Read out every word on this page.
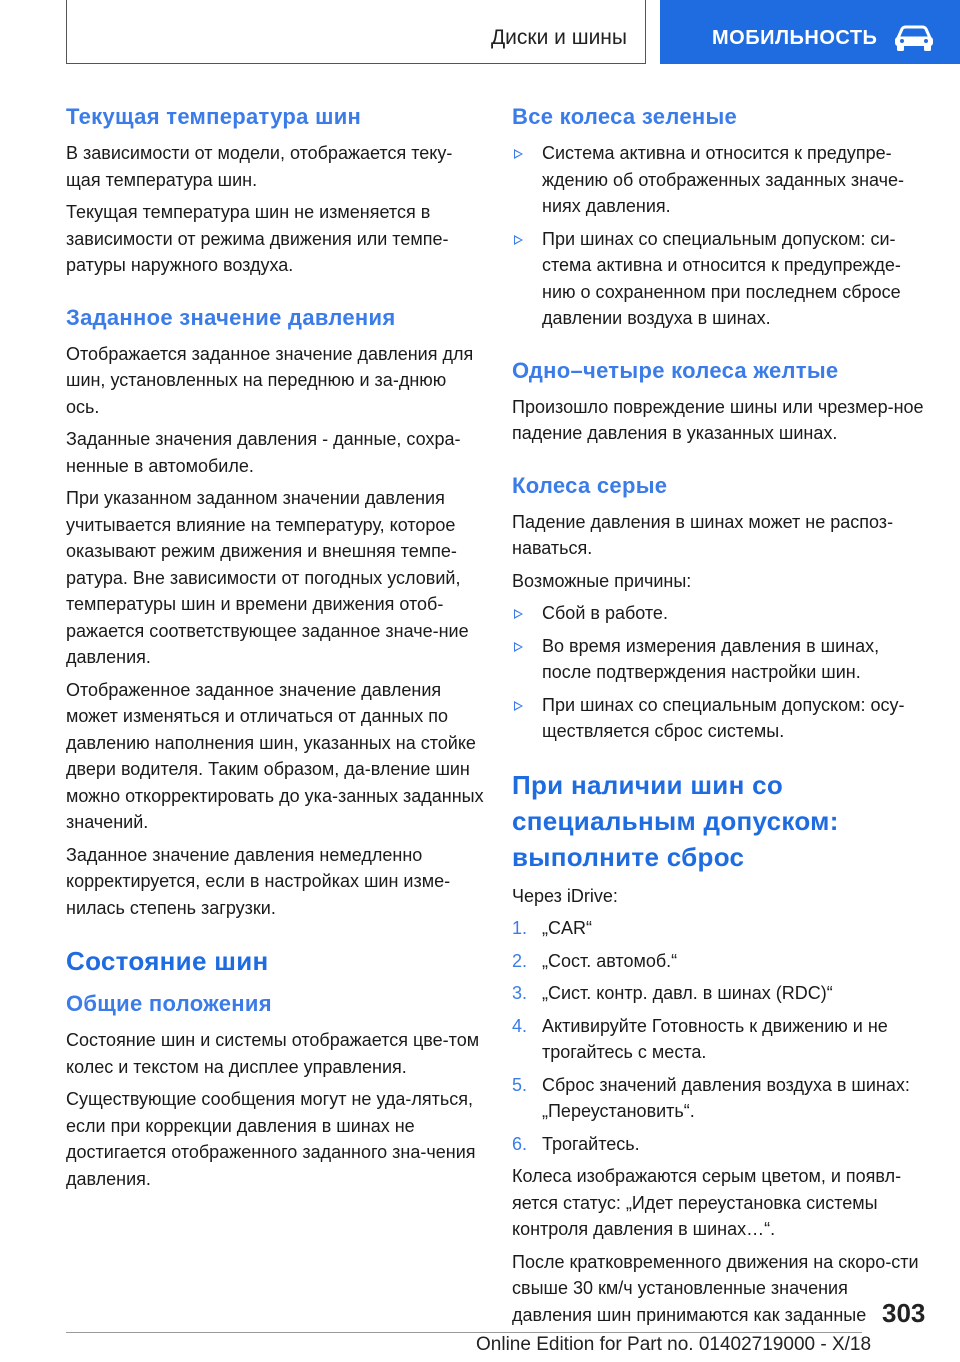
Диски и шины	МОБИЛЬНОСТЬ
Текущая температура шин

В зависимости от модели, отображается теку-щая температура шин.

Текущая температура шин не изменяется в зависимости от режима движения или темпе-ратуры наружного воздуха.

Заданное значение давления

Отображается заданное значение давления для шин, установленных на переднюю и за-днюю ось.

Заданные значения давления - данные, сохра-ненные в автомобиле.

При указанном заданном значении давления учитывается влияние на температуру, которое оказывают режим движения и внешняя темпе-ратура. Вне зависимости от погодных условий, температуры шин и времени движения отоб-ражается соответствующее заданное значе-ние давления.

Отображенное заданное значение давления может изменяться и отличаться от данных по давлению наполнения шин, указанных на стойке двери водителя. Таким образом, да-вление шин можно откорректировать до ука-занных заданных значений.

Заданное значение давления немедленно корректируется, если в настройках шин изме-нилась степень загрузки.

Состояние шин
Общие положения

Состояние шин и системы отображается цве-том колес и текстом на дисплее управления.

Существующие сообщения могут не уда-ляться, если при коррекции давления в шинах не достигается отображенного заданного зна-чения давления.

Все колеса зеленые
Система активна и относится к предупре-ждению об отображенных заданных значе-ниях давления.
При шинах со специальным допуском: си-стема активна и относится к предупрежде-нию о сохраненном при последнем сбросе давлении воздуха в шинах.
Одно–четыре колеса желтые

Произошло повреждение шины или чрезмер-ное падение давления в указанных шинах.

Колеса серые

Падение давления в шинах может не распоз-наваться.

Возможные причины:

Сбой в работе.
Во время измерения давления в шинах, после подтверждения настройки шин.
При шинах со специальным допуском: осу-ществляется сброс системы.
При наличии шин со специальным допуском: выполните сброс

Через iDrive:

1. „CAR“
2. „Сост. автомоб.“
3. „Сист. контр. давл. в шинах (RDC)“
4. Активируйте Готовность к движению и не трогайтесь с места.
5. Сброс значений давления воздуха в шинах: „Переустановить“.
6. Трогайтесь.

Колеса изображаются серым цветом, и появл-яется статус: „Идет переустановка системы контроля давления в шинах…“.

После кратковременного движения на скоро-сти свыше 30 км/ч установленные значения давления шин принимаются как заданные 303
Online Edition for Part no. 01402719000 - X/18
